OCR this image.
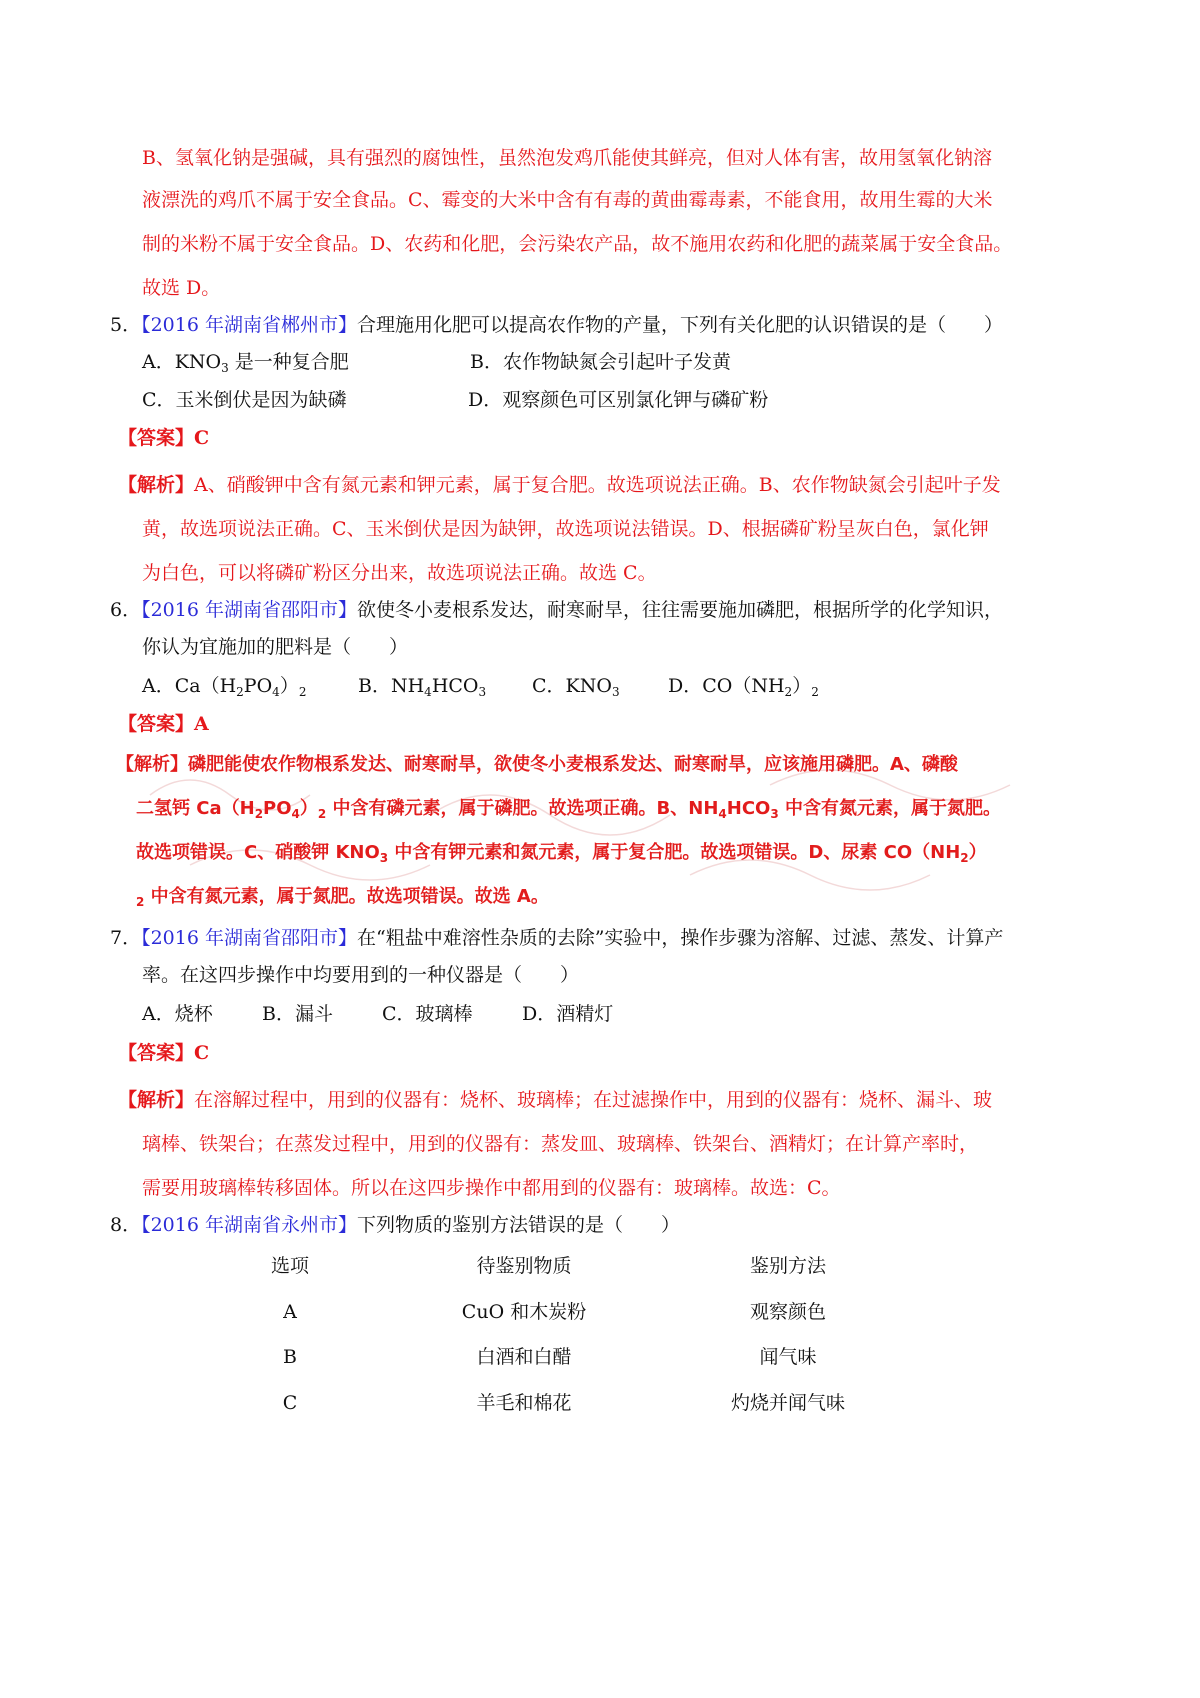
B、氢氧化钠是强碱，具有强烈的腐蚀性，虽然泡发鸡爪能使其鲜亮，但对人体有害，故用氢氧化钠溶
液漂洗的鸡爪不属于安全食品。C、霉变的大米中含有有毒的黄曲霉毒素，不能食用，故用生霉的大米
制的米粉不属于安全食品。D、农药和化肥，会污染农产品，故不施用农药和化肥的蔬菜属于安全食品。
故选 D。
5．【2016 年湖南省郴州市】合理施用化肥可以提高农作物的产量，下列有关化肥的认识错误的是（　　）
A．$KNO_3$ 是一种复合肥	B．农作物缺氮会引起叶子发黄
C．玉米倒伏是因为缺磷	D．观察颜色可区别氯化钾与磷矿粉
【答案】C
【解析】A、硝酸钾中含有氮元素和钾元素，属于复合肥。故选项说法正确。B、农作物缺氮会引起叶子发
黄，故选项说法正确。C、玉米倒伏是因为缺钾，故选项说法错误。D、根据磷矿粉呈灰白色，氯化钾
为白色，可以将磷矿粉区分出来，故选项说法正确。故选 C。
6．【2016 年湖南省邵阳市】欲使冬小麦根系发达，耐寒耐旱，往往需要施加磷肥，根据所学的化学知识，
你认为宜施加的肥料是（　　）
A．$Ca(H_2PO_4)_2$	B．$NH_4HCO_3$ C．$KNO_3$	D．$CO(NH_2)_2$
【答案】A
【解析】磷肥能使农作物根系发达、耐寒耐旱，欲使冬小麦根系发达、耐寒耐旱，应该施用磷肥。A、磷酸
二氢钙 $Ca(H_2PO_4)_2$ 中含有磷元素，属于磷肥。故选项正确。B、$NH_4HCO_3$ 中含有氮元素，属于氮肥。
故选项错误。C、硝酸钾 $KNO_3$ 中含有钾元素和氮元素，属于复合肥。故选项错误。D、尿素 $CO(NH_2)$
$_2$ 中含有氮元素，属于氮肥。故选项错误。故选 A。
7．【2016 年湖南省邵阳市】在“粗盐中难溶性杂质的去除”实验中，操作步骤为溶解、过滤、蒸发、计算产
率。在这四步操作中均要用到的一种仪器是（　　）
A．烧杯	B．漏斗	C．玻璃棒	D．酒精灯
【答案】C
【解析】在溶解过程中，用到的仪器有：烧杯、玻璃棒；在过滤操作中，用到的仪器有：烧杯、漏斗、玻
璃棒、铁架台；在蒸发过程中，用到的仪器有：蒸发皿、玻璃棒、铁架台、酒精灯；在计算产率时，
需要用玻璃棒转移固体。所以在这四步操作中都用到的仪器有：玻璃棒。故选：C。
8．【2016 年湖南省永州市】下列物质的鉴别方法错误的是（　　）
选项	待鉴别物质	鉴别方法
A	CuO 和木炭粉	观察颜色
B	白酒和白醋	闻气味
C	羊毛和棉花	灼烧并闻气味
